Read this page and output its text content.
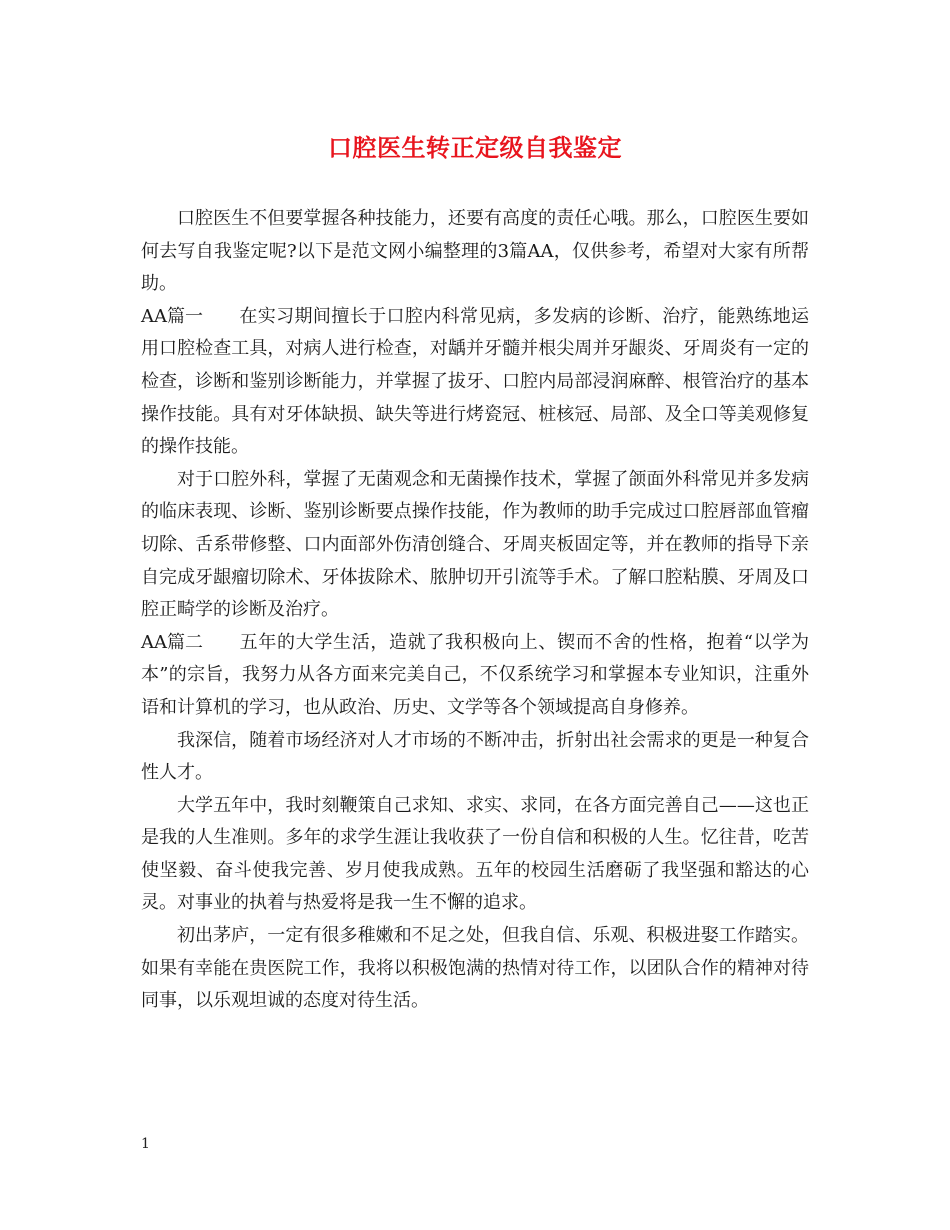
口腔医生转正定级自我鉴定

口腔医生不但要掌握各种技能力，还要有高度的责任心哦。那么，口腔医生要如何去写自我鉴定呢?以下是范文网小编整理的3篇AA，仅供参考，希望对大家有所帮助。

AA篇一 在实习期间擅长于口腔内科常见病，多发病的诊断、治疗，能熟练地运用口腔检查工具，对病人进行检查，对龋并牙髓并根尖周并牙龈炎、牙周炎有一定的检查，诊断和鉴别诊断能力，并掌握了拔牙、口腔内局部浸润麻醉、根管治疗的基本操作技能。具有对牙体缺损、缺失等进行烤瓷冠、桩核冠、局部、及全口等美观修复的操作技能。

对于口腔外科，掌握了无菌观念和无菌操作技术，掌握了颌面外科常见并多发病的临床表现、诊断、鉴别诊断要点操作技能，作为教师的助手完成过口腔唇部血管瘤切除、舌系带修整、口内面部外伤清创缝合、牙周夹板固定等，并在教师的指导下亲自完成牙龈瘤切除术、牙体拔除术、脓肿切开引流等手术。了解口腔粘膜、牙周及口腔正畸学的诊断及治疗。

AA篇二 五年的大学生活，造就了我积极向上、锲而不舍的性格，抱着“以学为本”的宗旨，我努力从各方面来完美自己，不仅系统学习和掌握本专业知识，注重外语和计算机的学习，也从政治、历史、文学等各个领域提高自身修养。

我深信，随着市场经济对人才市场的不断冲击，折射出社会需求的更是一种复合性人才。

大学五年中，我时刻鞭策自己求知、求实、求同，在各方面完善自己——这也正是我的人生准则。多年的求学生涯让我收获了一份自信和积极的人生。忆往昔，吃苦使坚毅、奋斗使我完善、岁月使我成熟。五年的校园生活磨砺了我坚强和豁达的心灵。对事业的执着与热爱将是我一生不懈的追求。

初出茅庐，一定有很多稚嫩和不足之处，但我自信、乐观、积极进娶工作踏实。如果有幸能在贵医院工作，我将以积极饱满的热情对待工作，以团队合作的精神对待同事，以乐观坦诚的态度对待生活。

1
